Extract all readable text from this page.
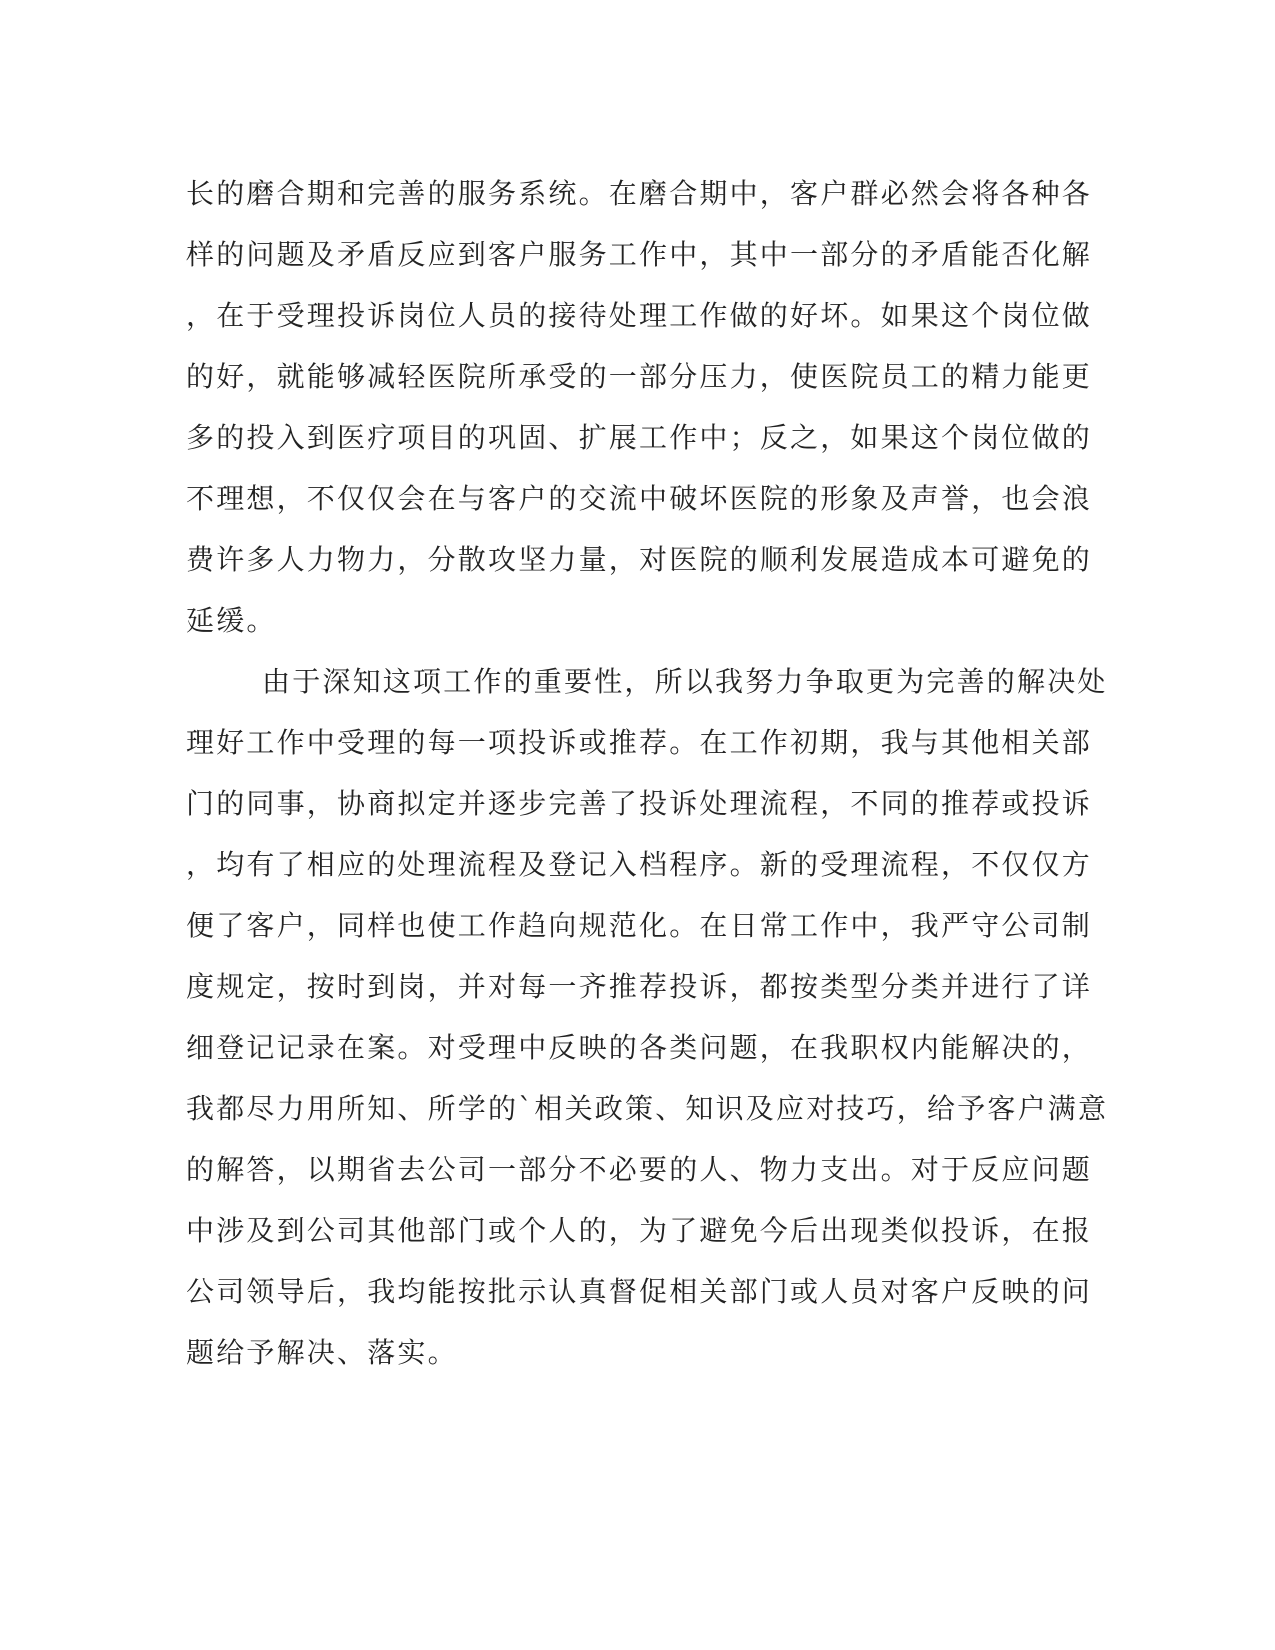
长的磨合期和完善的服务系统。在磨合期中，客户群必然会将各种各
样的问题及矛盾反应到客户服务工作中，其中一部分的矛盾能否化解
，在于受理投诉岗位人员的接待处理工作做的好坏。如果这个岗位做
的好，就能够减轻医院所承受的一部分压力，使医院员工的精力能更
多的投入到医疗项目的巩固、扩展工作中；反之，如果这个岗位做的
不理想，不仅仅会在与客户的交流中破坏医院的形象及声誉，也会浪
费许多人力物力，分散攻坚力量，对医院的顺利发展造成本可避免的
延缓。
由于深知这项工作的重要性，所以我努力争取更为完善的解决处
理好工作中受理的每一项投诉或推荐。在工作初期，我与其他相关部
门的同事，协商拟定并逐步完善了投诉处理流程，不同的推荐或投诉
，均有了相应的处理流程及登记入档程序。新的受理流程，不仅仅方
便了客户，同样也使工作趋向规范化。在日常工作中，我严守公司制
度规定，按时到岗，并对每一齐推荐投诉，都按类型分类并进行了详
细登记记录在案。对受理中反映的各类问题，在我职权内能解决的，
我都尽力用所知、所学的`相关政策、知识及应对技巧，给予客户满意
的解答，以期省去公司一部分不必要的人、物力支出。对于反应问题
中涉及到公司其他部门或个人的，为了避免今后出现类似投诉，在报
公司领导后，我均能按批示认真督促相关部门或人员对客户反映的问
题给予解决、落实。
